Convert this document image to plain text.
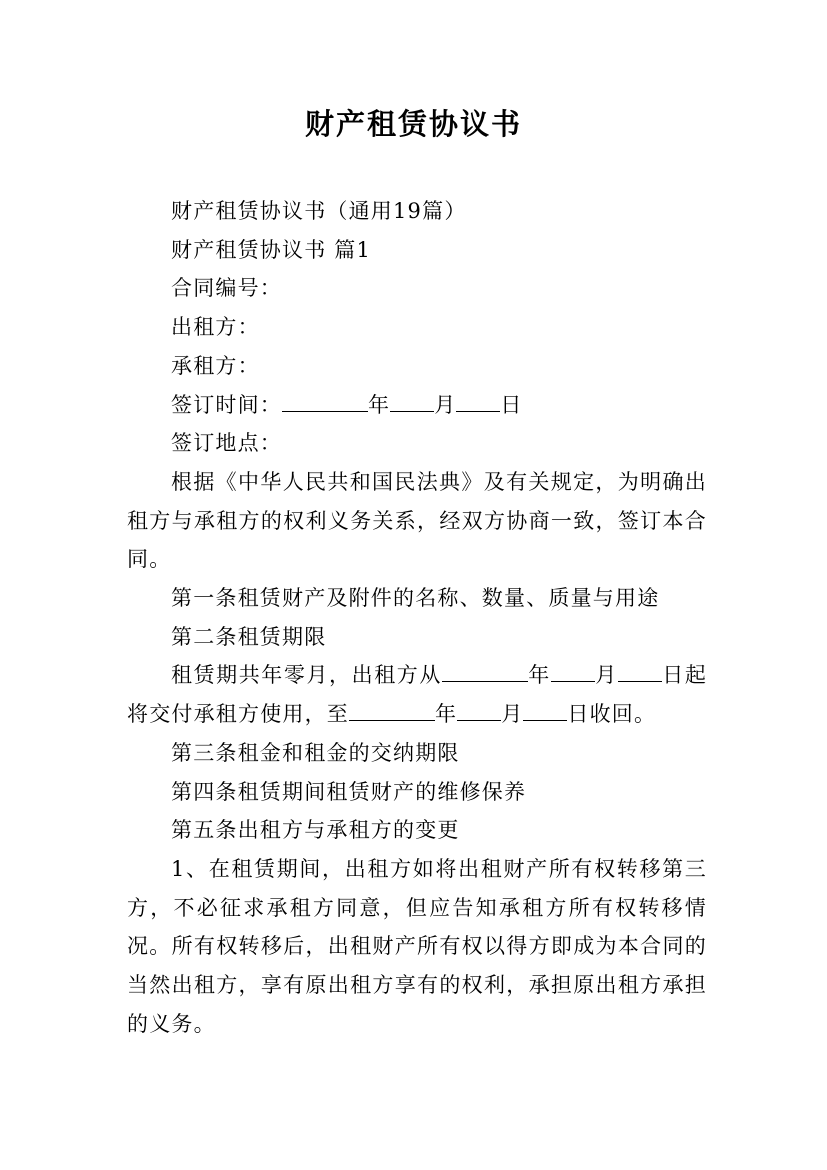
财产租赁协议书

财产租赁协议书（通用19篇）

财产租赁协议书 篇1

合同编号：

出租方：

承租方：

签订时间：	年 月 日

签订地点：

根据《中华人民共和国民法典》及有关规定，为明确出租方与承租方的权利义务关系，经双方协商一致，签订本合同。

第一条租赁财产及附件的名称、数量、质量与用途

第二条租赁期限

租赁期共年零月，出租方从	年 月 日起将交付承租方使用，至	年 月 日收回。

第三条租金和租金的交纳期限

第四条租赁期间租赁财产的维修保养

第五条出租方与承租方的变更

1、在租赁期间，出租方如将出租财产所有权转移第三方，不必征求承租方同意，但应告知承租方所有权转移情况。所有权转移后，出租财产所有权以得方即成为本合同的当然出租方，享有原出租方享有的权利，承担原出租方承担的义务。
